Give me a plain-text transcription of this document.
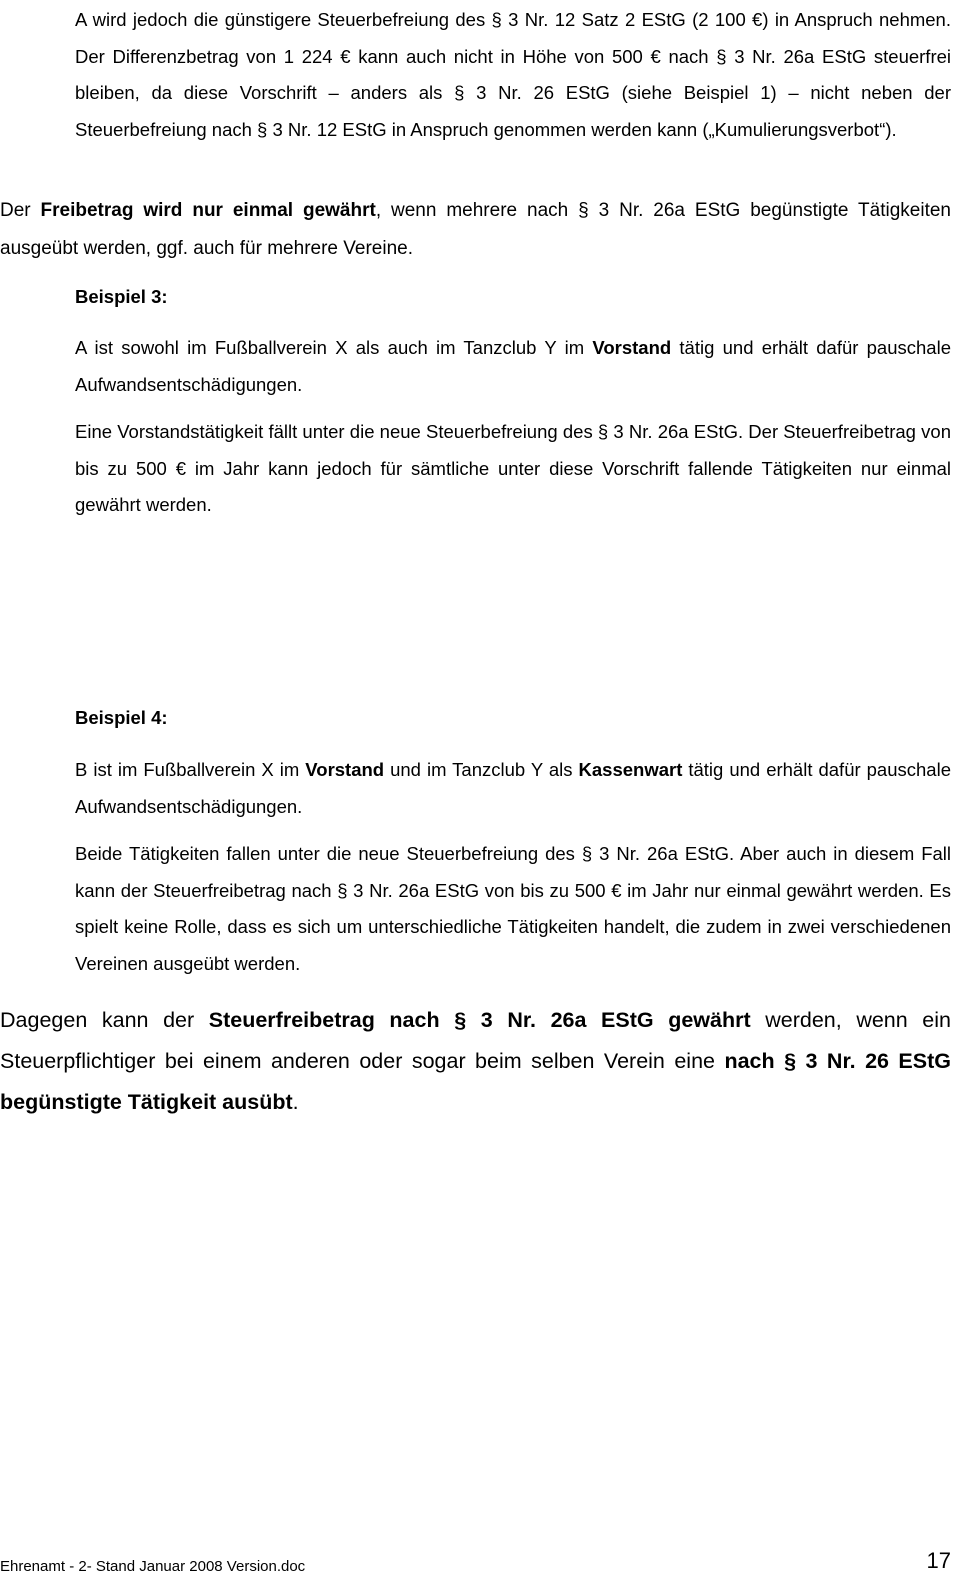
A wird jedoch die günstigere Steuerbefreiung des § 3 Nr. 12 Satz 2 EStG (2 100 €) in Anspruch nehmen. Der Differenzbetrag von 1 224 € kann auch nicht in Höhe von 500 € nach § 3 Nr. 26a EStG steuerfrei bleiben, da diese Vorschrift – anders als § 3 Nr. 26 EStG (siehe Beispiel 1) – nicht neben der Steuerbefreiung nach § 3 Nr. 12 EStG in Anspruch genommen werden kann („Kumulierungsverbot“).
Der Freibetrag wird nur einmal gewährt, wenn mehrere nach § 3 Nr. 26a EStG begünstigte Tätigkeiten ausgeübt werden, ggf. auch für mehrere Vereine.
Beispiel 3:
A ist sowohl im Fußballverein X als auch im Tanzclub Y im Vorstand tätig und erhält dafür pauschale Aufwandsentschädigungen.
Eine Vorstandstätigkeit fällt unter die neue Steuerbefreiung des § 3 Nr. 26a EStG. Der Steuerfreibetrag von bis zu 500 € im Jahr kann jedoch für sämtliche unter diese Vorschrift fallende Tätigkeiten nur einmal gewährt werden.
Beispiel 4:
B ist im Fußballverein X im Vorstand und im Tanzclub Y als Kassenwart tätig und erhält dafür pauschale Aufwandsentschädigungen.
Beide Tätigkeiten fallen unter die neue Steuerbefreiung des § 3 Nr. 26a EStG. Aber auch in diesem Fall kann der Steuerfreibetrag nach § 3 Nr. 26a EStG von bis zu 500 € im Jahr nur einmal gewährt werden. Es spielt keine Rolle, dass es sich um unterschiedliche Tätigkeiten handelt, die zudem in zwei verschiedenen Vereinen ausgeübt werden.
Dagegen kann der Steuerfreibetrag nach § 3 Nr. 26a EStG gewährt werden, wenn ein Steuerpflichtiger bei einem anderen oder sogar beim selben Verein eine nach § 3 Nr. 26 EStG begünstigte Tätigkeit ausübt.
Ehrenamt - 2- Stand Januar 2008 Version.doc	17
